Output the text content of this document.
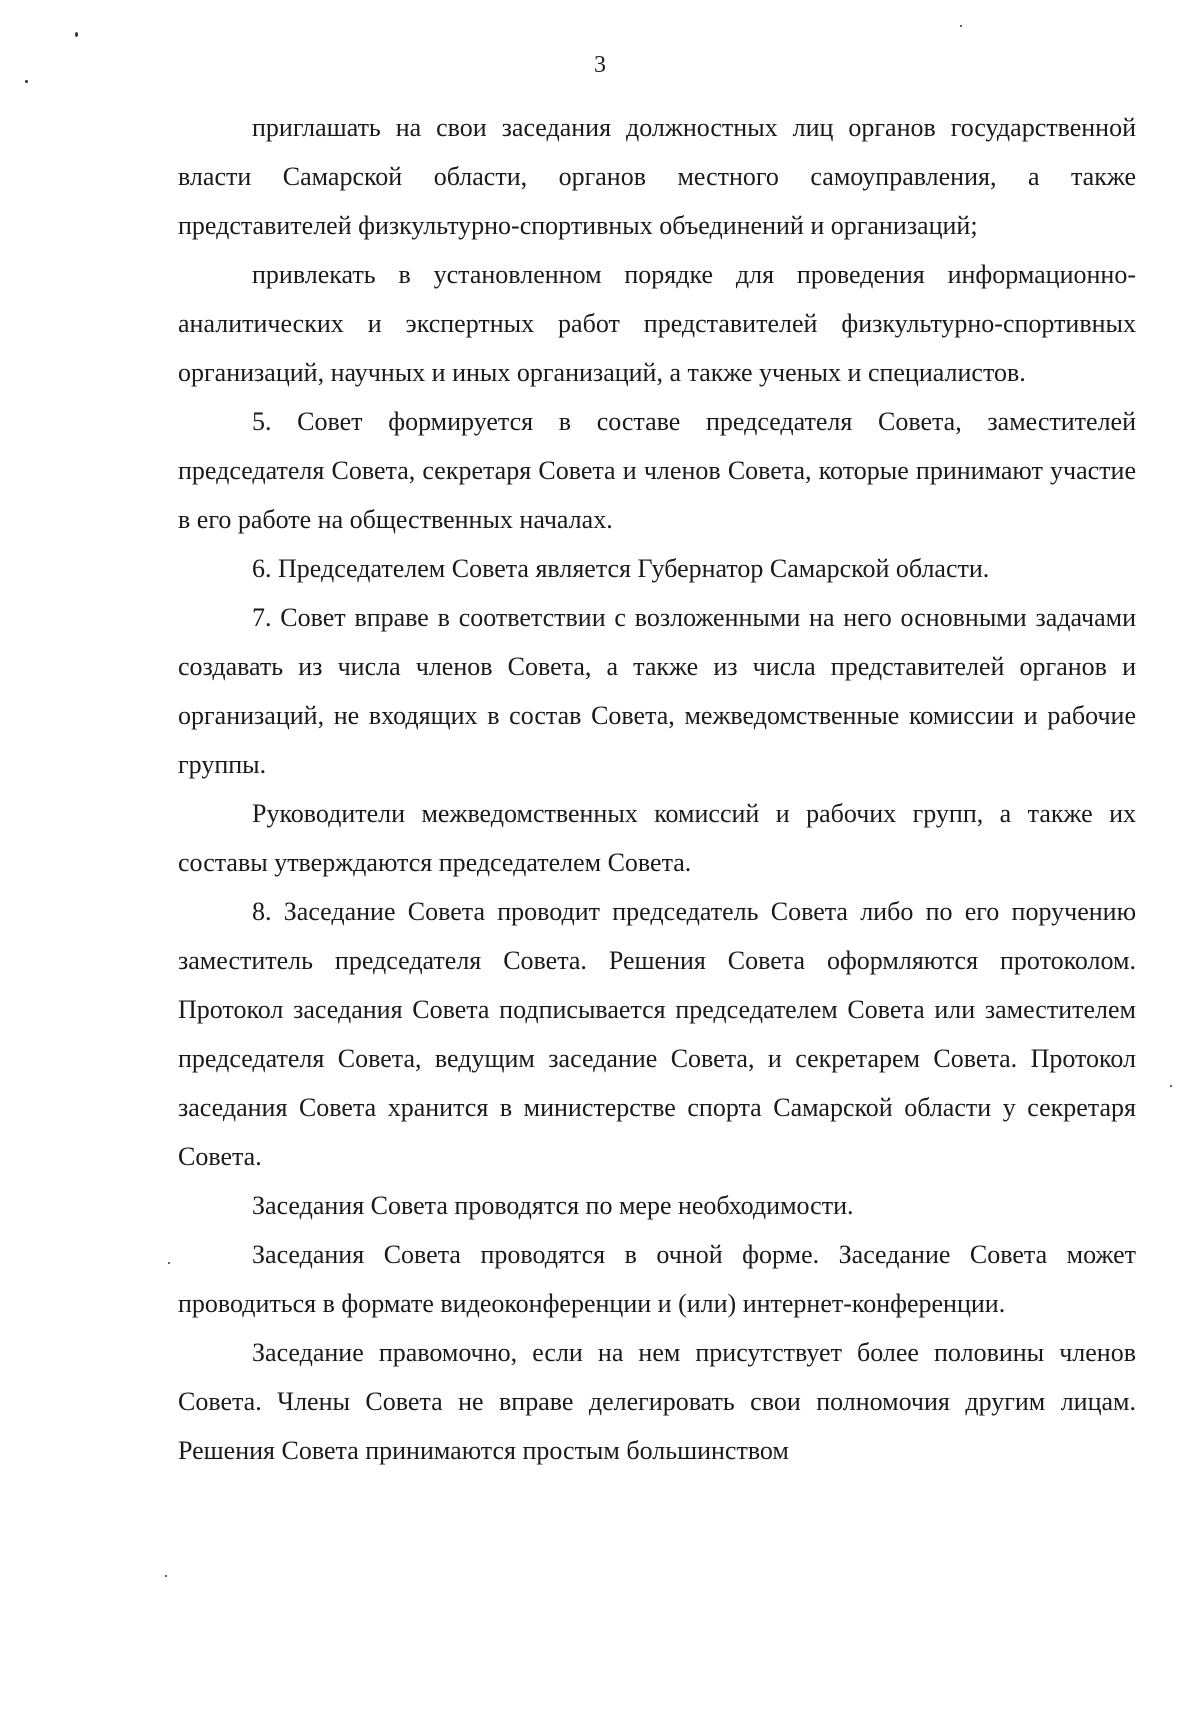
3

приглашать на свои заседания должностных лиц органов государственной власти Самарской области, органов местного самоуправления, а также представителей физкультурно-спортивных объединений и организаций;

привлекать в установленном порядке для проведения информационно-аналитических и экспертных работ представителей физкультурно-спортивных организаций, научных и иных организаций, а также ученых и специалистов.

5. Совет формируется в составе председателя Совета, заместителей председателя Совета, секретаря Совета и членов Совета, которые принимают участие в его работе на общественных началах.

6. Председателем Совета является Губернатор Самарской области.

7. Совет вправе в соответствии с возложенными на него основными задачами создавать из числа членов Совета, а также из числа представителей органов и организаций, не входящих в состав Совета, межведомственные комиссии и рабочие группы.

Руководители межведомственных комиссий и рабочих групп, а также их составы утверждаются председателем Совета.

8. Заседание Совета проводит председатель Совета либо по его поручению заместитель председателя Совета. Решения Совета оформляются протоколом. Протокол заседания Совета подписывается председателем Совета или заместителем председателя Совета, ведущим заседание Совета, и секретарем Совета. Протокол заседания Совета хранится в министерстве спорта Самарской области у секретаря Совета.

Заседания Совета проводятся по мере необходимости.

Заседания Совета проводятся в очной форме. Заседание Совета может проводиться в формате видеоконференции и (или) интернет-конференции.

Заседание правомочно, если на нем присутствует более половины членов Совета. Члены Совета не вправе делегировать свои полномочия другим лицам. Решения Совета принимаются простым большинством
